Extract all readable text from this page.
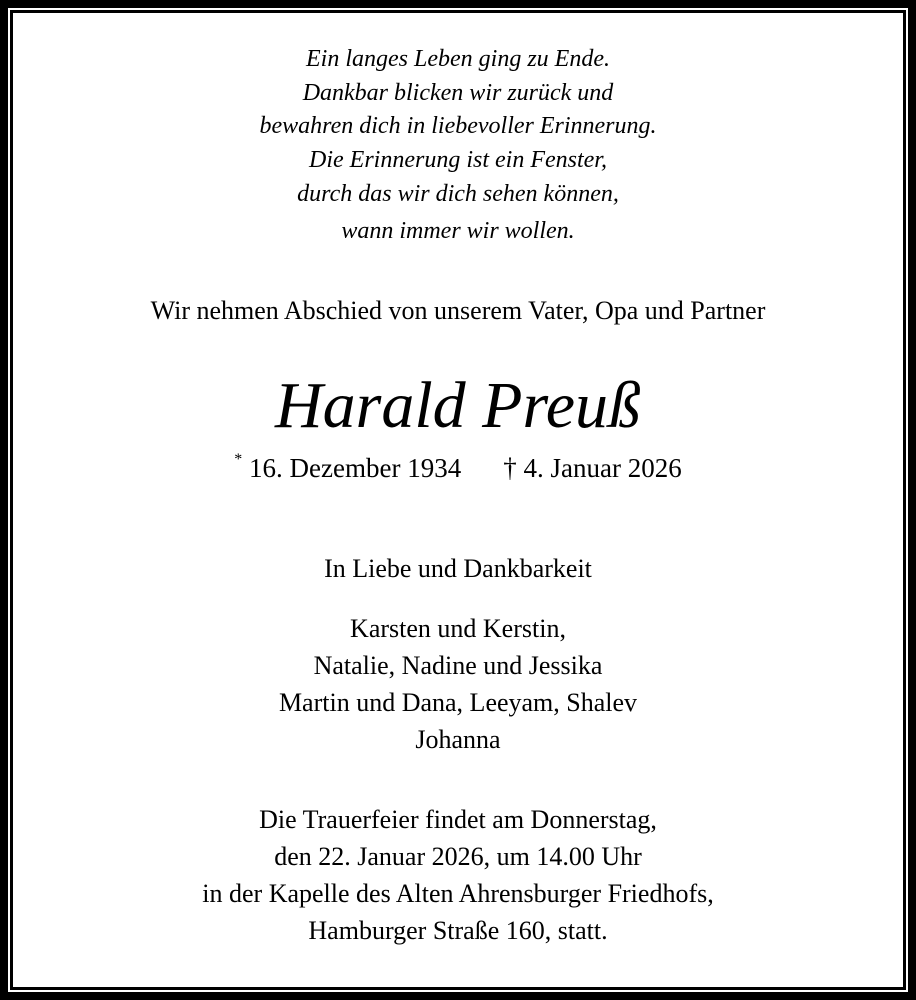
Ein langes Leben ging zu Ende.
Dankbar blicken wir zurück und
bewahren dich in liebevoller Erinnerung.
Die Erinnerung ist ein Fenster,
durch das wir dich sehen können,
wann immer wir wollen.
Wir nehmen Abschied von unserem Vater, Opa und Partner
Harald Preuß
* 16. Dezember 1934 † 4. Januar 2026
In Liebe und Dankbarkeit
Karsten und Kerstin,
Natalie, Nadine und Jessika
Martin und Dana, Leeyam, Shalev
Johanna
Die Trauerfeier findet am Donnerstag,
den 22. Januar 2026, um 14.00 Uhr
in der Kapelle des Alten Ahrensburger Friedhofs,
Hamburger Straße 160, statt.
